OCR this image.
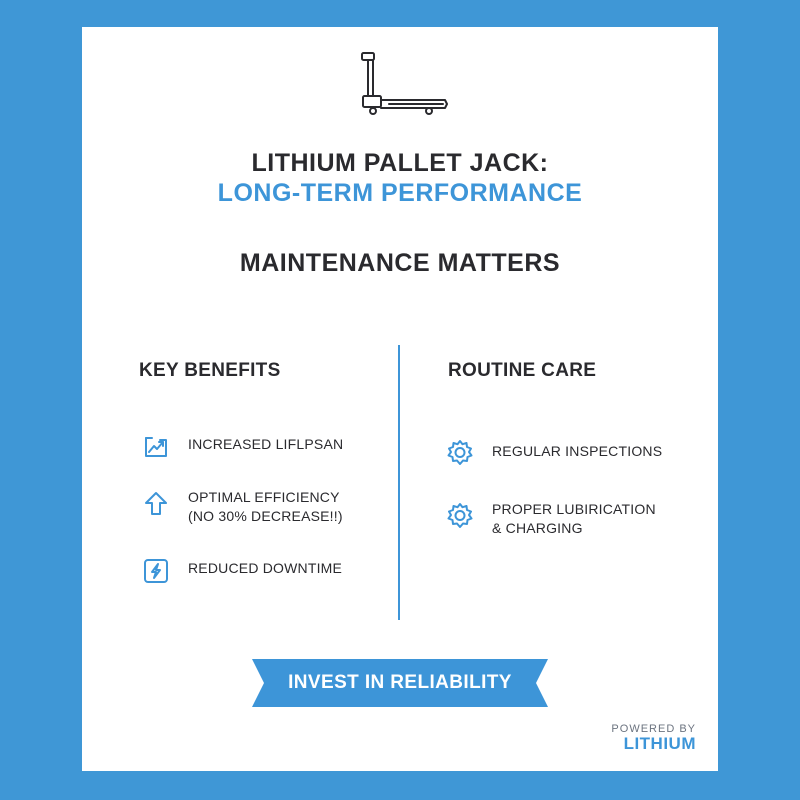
LITHIUM PALLET JACK:
LONG-TERM PERFORMANCE
MAINTENANCE MATTERS
KEY BENEFITS	ROUTINE CARE
INCREASED LIFLPSAN
OPTIMAL EFFICIENCY
(NO 30% DECREASE!!)
REDUCED DOWNTIME
REGULAR INSPECTIONS
PROPER LUBIRICATION
& CHARGING
INVEST IN RELIABILITY
POWERED BY
LITHIUM
